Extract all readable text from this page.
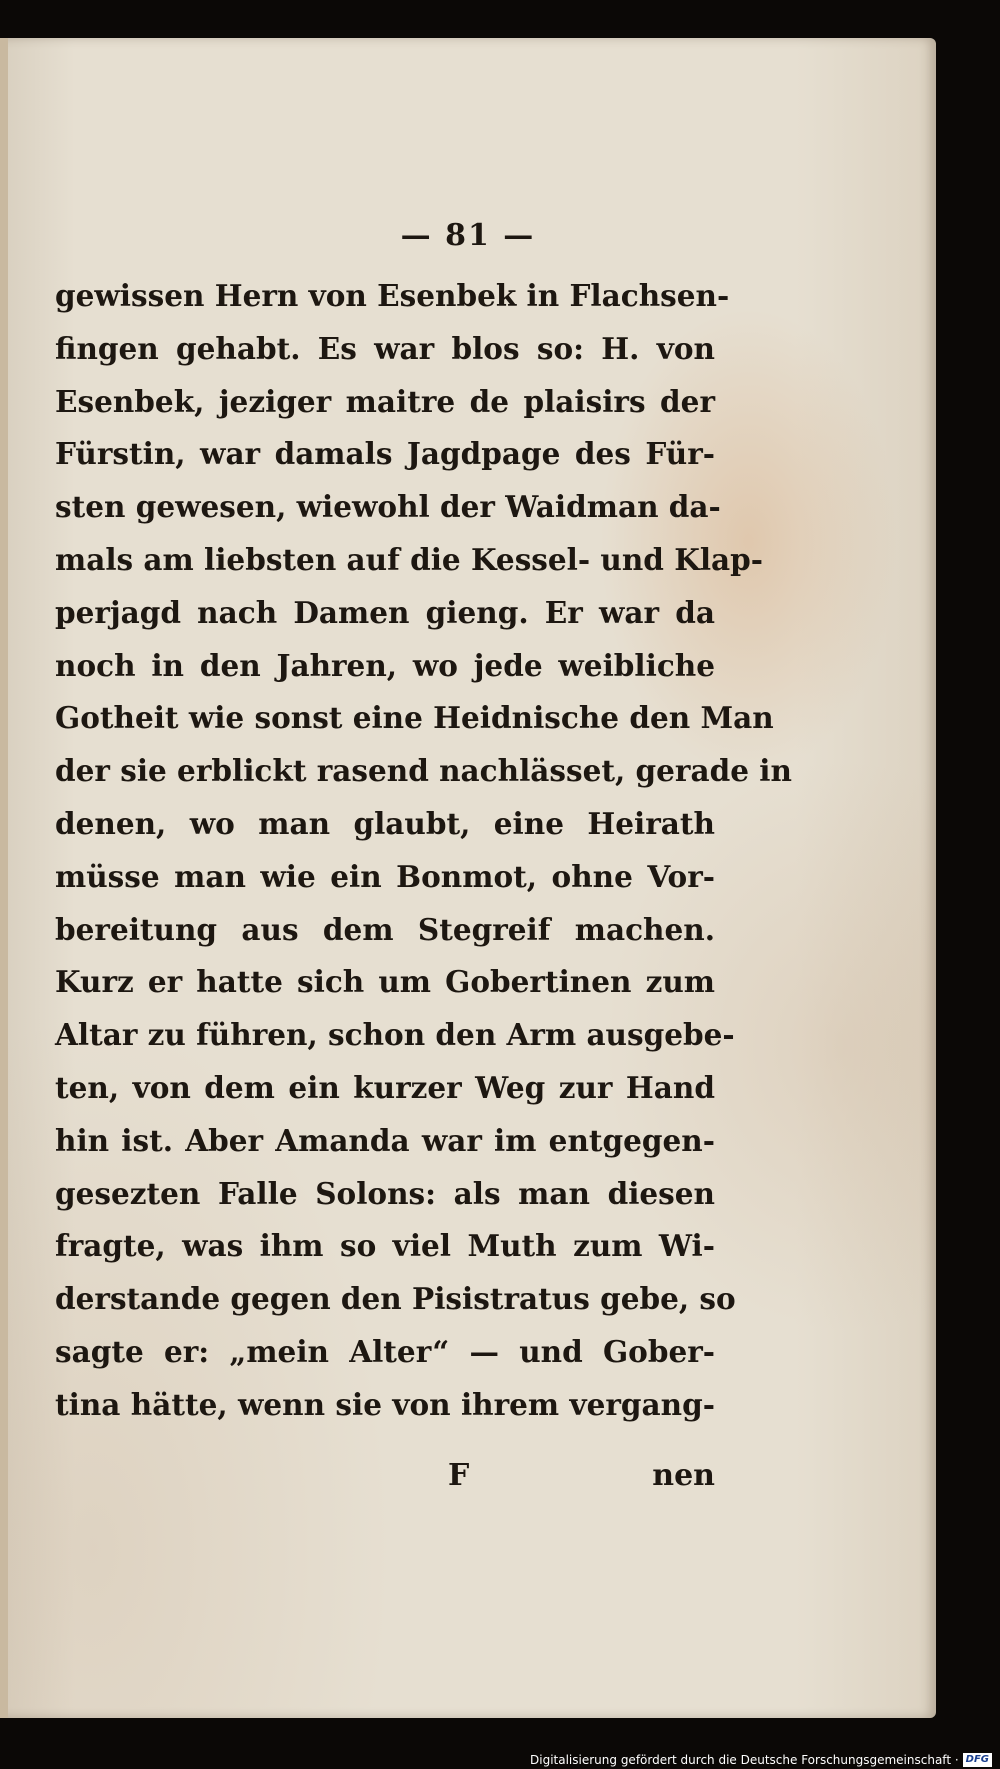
— 81 —
gewissen Hern von Esenbek in Flachsen-
fingen gehabt. Es war blos so: H. von
Esenbek, jeziger maitre de plaisirs der
Fürstin, war damals Jagdpage des Für-
sten gewesen, wiewohl der Waidman da-
mals am liebsten auf die Kessel- und Klap-
perjagd nach Damen gieng. Er war da
noch in den Jahren, wo jede weibliche
Gotheit wie sonst eine Heidnische den Man
der sie erblickt rasend nachlässet, gerade in
denen, wo man glaubt, eine Heirath
müsse man wie ein Bonmot, ohne Vor-
bereitung aus dem Stegreif machen.
Kurz er hatte sich um Gobertinen zum
Altar zu führen, schon den Arm ausgebe-
ten, von dem ein kurzer Weg zur Hand
hin ist. Aber Amanda war im entgegen-
gesezten Falle Solons: als man diesen
fragte, was ihm so viel Muth zum Wi-
derstande gegen den Pisistratus gebe, so
sagte er: „mein Alter“ — und Gober-
tina hätte, wenn sie von ihrem vergang-
F	nen
Digitalisierung gefördert durch die Deutsche Forschungsgemeinschaft · DFG
